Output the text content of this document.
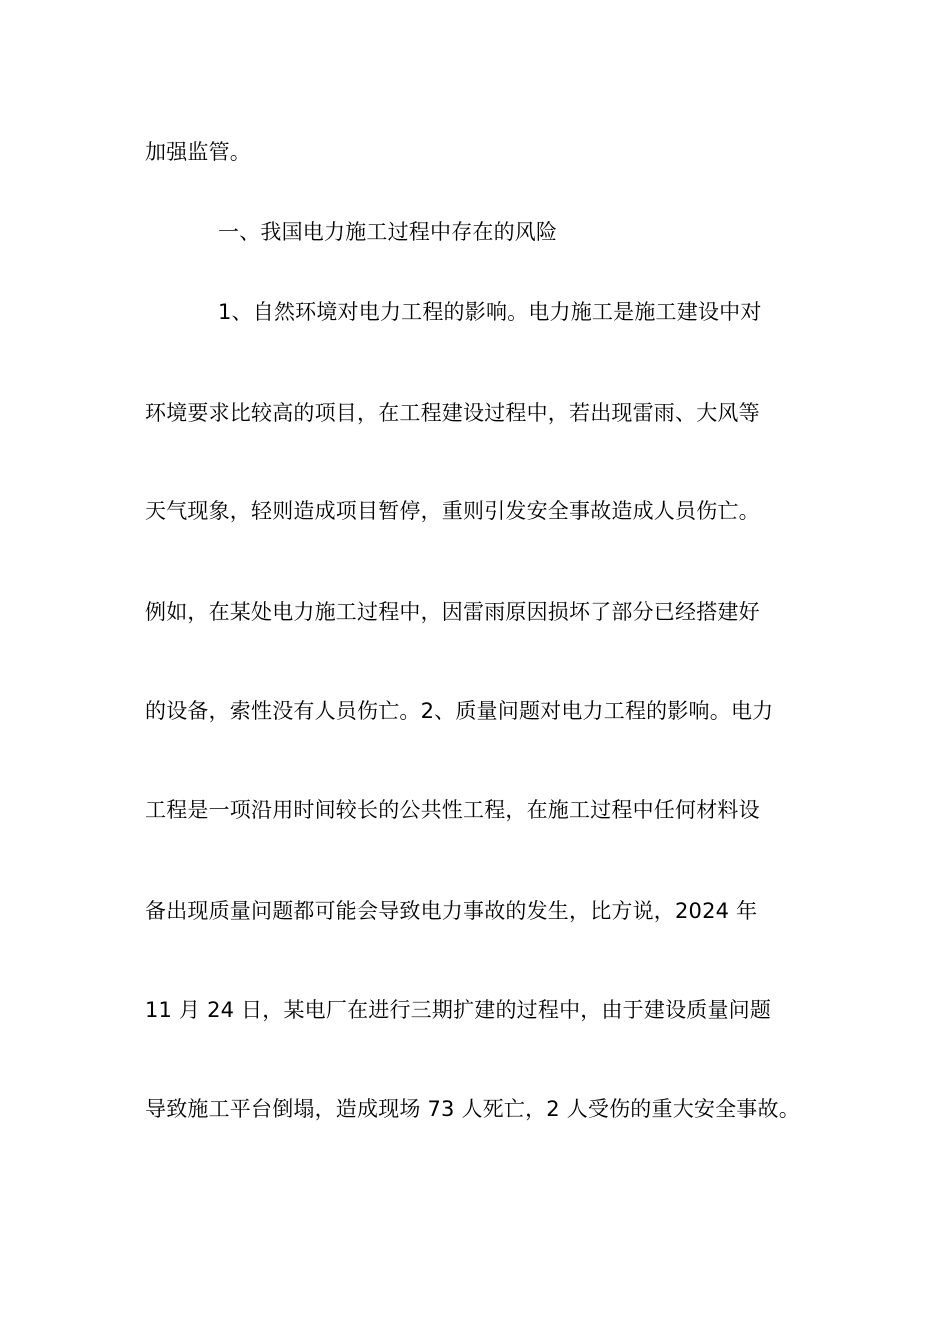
加强监管。
一、我国电力施工过程中存在的风险
1、自然环境对电力工程的影响。电力施工是施工建设中对
环境要求比较高的项目，在工程建设过程中，若出现雷雨、大风等
天气现象，轻则造成项目暂停，重则引发安全事故造成人员伤亡。
例如，在某处电力施工过程中，因雷雨原因损坏了部分已经搭建好
的设备，索性没有人员伤亡。2、质量问题对电力工程的影响。电力
工程是一项沿用时间较长的公共性工程，在施工过程中任何材料设
备出现质量问题都可能会导致电力事故的发生，比方说，2024 年
11 月 24 日，某电厂在进行三期扩建的过程中，由于建设质量问题
导致施工平台倒塌，造成现场 73 人死亡，2 人受伤的重大安全事故。
